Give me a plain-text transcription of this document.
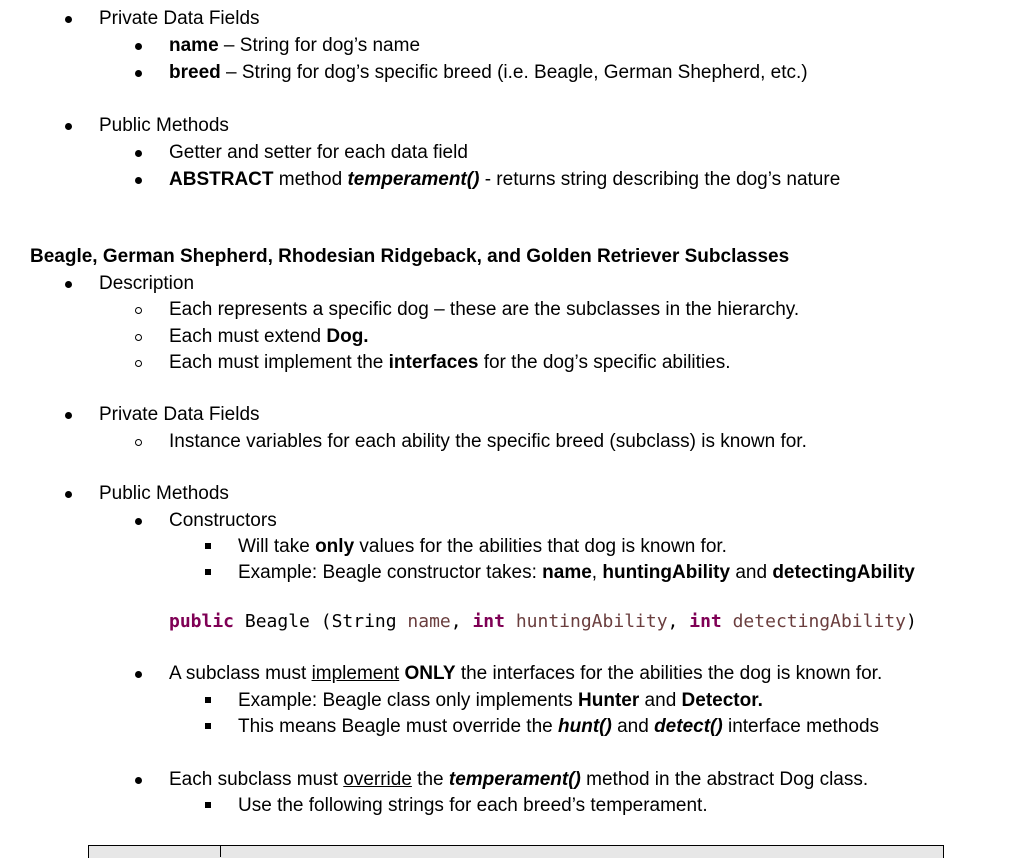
Private Data Fields
name – String for dog’s name
breed – String for dog’s specific breed (i.e. Beagle, German Shepherd, etc.)
Public Methods
Getter and setter for each data field
ABSTRACT method temperament() - returns string describing the dog’s nature
Beagle, German Shepherd, Rhodesian Ridgeback, and Golden Retriever Subclasses
Description
Each represents a specific dog – these are the subclasses in the hierarchy.
Each must extend Dog.
Each must implement the interfaces for the dog’s specific abilities.
Private Data Fields
Instance variables for each ability the specific breed (subclass) is known for.
Public Methods
Constructors
Will take only values for the abilities that dog is known for.
Example: Beagle constructor takes: name, huntingAbility and detectingAbility
public Beagle (String name, int huntingAbility, int detectingAbility)
A subclass must implement ONLY the interfaces for the abilities the dog is known for.
Example: Beagle class only implements Hunter and Detector.
This means Beagle must override the hunt() and detect() interface methods
Each subclass must override the temperament() method in the abstract Dog class.
Use the following strings for each breed’s temperament.
